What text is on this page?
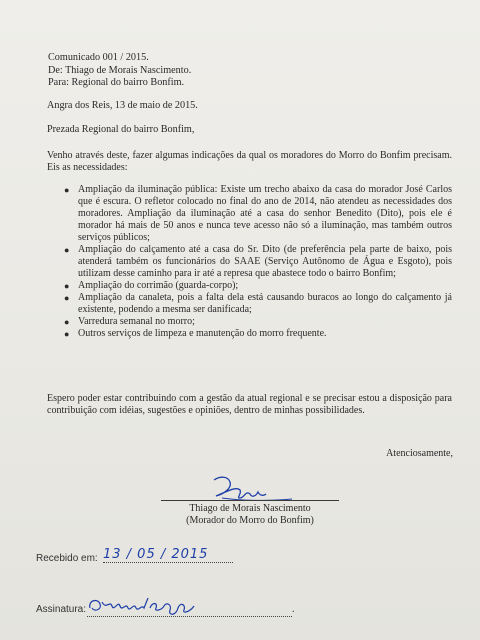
Comunicado 001 / 2015.
De: Thiago de Morais Nascimento.
Para: Regional do bairro Bonfim.
Angra dos Reis, 13 de maio de 2015.
Prezada Regional do bairro Bonfim,
Venho através deste, fazer algumas indicações da qual os moradores do Morro do Bonfim precisam. Eis as necessidades:
● Ampliação da iluminação pública: Existe um trecho abaixo da casa do morador José Carlos que é escura. O refletor colocado no final do ano de 2014, não atendeu as necessidades dos moradores. Ampliação da iluminação até a casa do senhor Benedito (Dito), pois ele é morador há mais de 50 anos e nunca teve acesso não só a iluminação, mas também outros serviços públicos;
● Ampliação do calçamento até a casa do Sr. Dito (de preferência pela parte de baixo, pois atenderá também os funcionários do SAAE (Serviço Autônomo de Água e Esgoto), pois utilizam desse caminho para ir até a represa que abastece todo o bairro Bonfim;
● Ampliação do corrimão (guarda-corpo);
● Ampliação da canaleta, pois a falta dela está causando buracos ao longo do calçamento já existente, podendo a mesma ser danificada;
● Varredura semanal no morro;
● Outros serviços de limpeza e manutenção do morro frequente.
Espero poder estar contribuindo com a gestão da atual regional e se precisar estou a disposição para contribuição com idéias, sugestões e opiniões, dentro de minhas possibilidades.
Atenciosamente,
Thiago de Morais Nascimento
(Morador do Morro do Bonfim)
Recebido em: 13 / 05 / 2015
Assinatura:	.
